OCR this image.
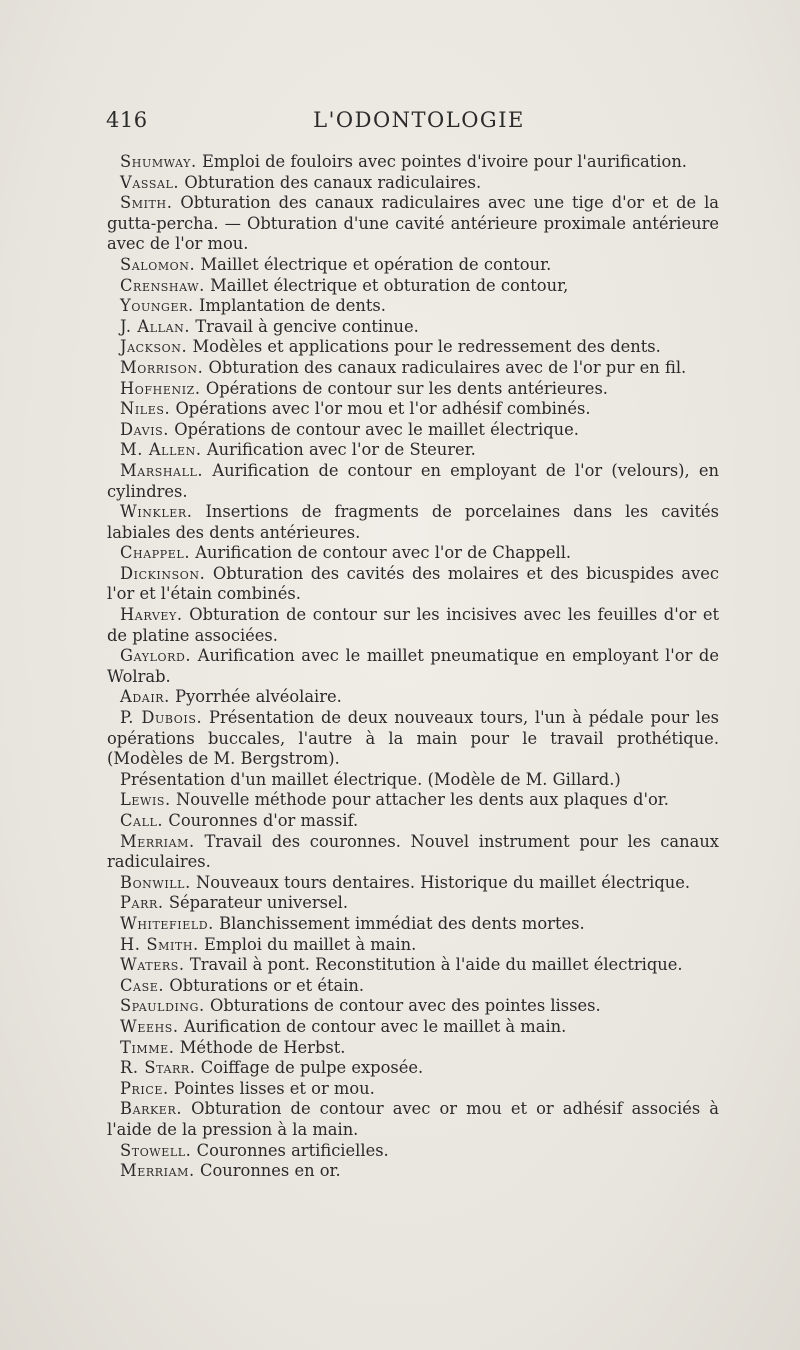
416	L'ODONTOLOGIE

Shumway. Emploi de fouloirs avec pointes d'ivoire pour l'aurification.

Vassal. Obturation des canaux radiculaires.

Smith. Obturation des canaux radiculaires avec une tige d'or et de la gutta-percha. — Obturation d'une cavité antérieure proximale antérieure avec de l'or mou.

Salomon. Maillet électrique et opération de contour.

Crenshaw. Maillet électrique et obturation de contour,

Younger. Implantation de dents.

J. Allan. Travail à gencive continue.

Jackson. Modèles et applications pour le redressement des dents.

Morrison. Obturation des canaux radiculaires avec de l'or pur en fil.

Hofheniz. Opérations de contour sur les dents antérieures.

Niles. Opérations avec l'or mou et l'or adhésif combinés.

Davis. Opérations de contour avec le maillet électrique.

M. Allen. Aurification avec l'or de Steurer.

Marshall. Aurification de contour en employant de l'or (velours), en cylindres.

Winkler. Insertions de fragments de porcelaines dans les cavités labiales des dents antérieures.

Chappel. Aurification de contour avec l'or de Chappell.

Dickinson. Obturation des cavités des molaires et des bicuspides avec l'or et l'étain combinés.

Harvey. Obturation de contour sur les incisives avec les feuilles d'or et de platine associées.

Gaylord. Aurification avec le maillet pneumatique en employant l'or de Wolrab.

Adair. Pyorrhée alvéolaire.

P. Dubois. Présentation de deux nouveaux tours, l'un à pédale pour les opérations buccales, l'autre à la main pour le travail prothétique. (Modèles de M. Bergstrom).

Présentation d'un maillet électrique. (Modèle de M. Gillard.)

Lewis. Nouvelle méthode pour attacher les dents aux plaques d'or.

Call. Couronnes d'or massif.

Merriam. Travail des couronnes. Nouvel instrument pour les canaux radiculaires.

Bonwill. Nouveaux tours dentaires. Historique du maillet électrique.

Parr. Séparateur universel.

Whitefield. Blanchissement immédiat des dents mortes.

H. Smith. Emploi du maillet à main.

Waters. Travail à pont. Reconstitution à l'aide du maillet électrique.

Case. Obturations or et étain.

Spaulding. Obturations de contour avec des pointes lisses.

Weehs. Aurification de contour avec le maillet à main.

Timme. Méthode de Herbst.

R. Starr. Coiffage de pulpe exposée.

Price. Pointes lisses et or mou.

Barker. Obturation de contour avec or mou et or adhésif associés à l'aide de la pression à la main.

Stowell. Couronnes artificielles.

Merriam. Couronnes en or.
